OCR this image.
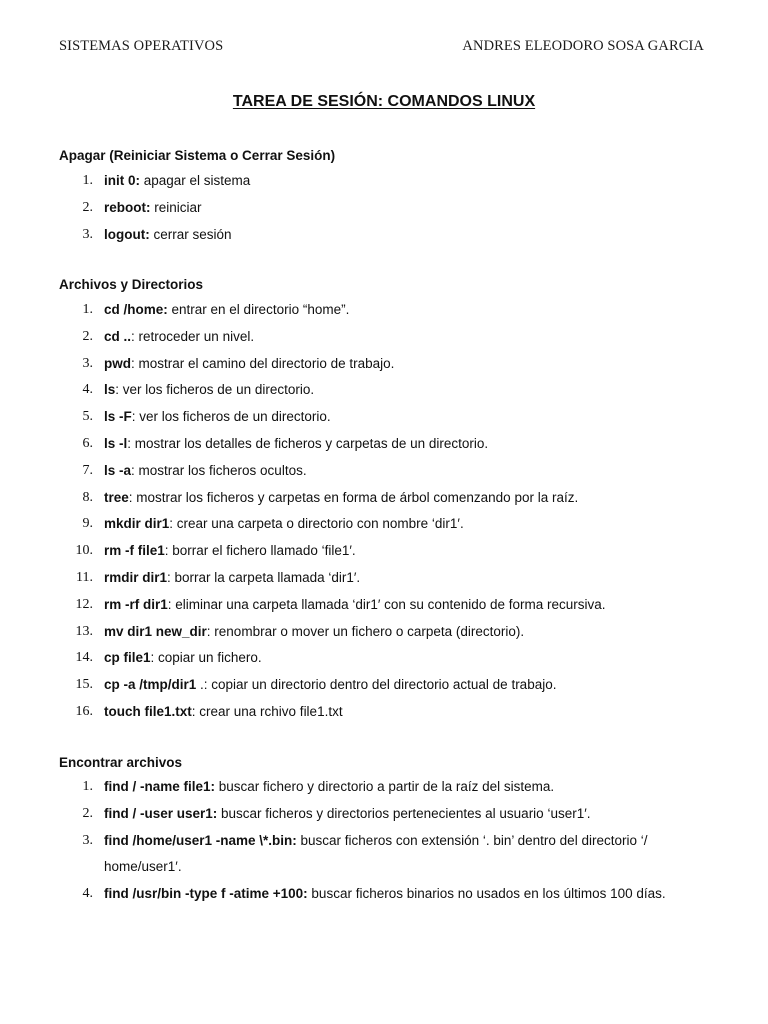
SISTEMAS OPERATIVOS	ANDRES ELEODORO SOSA GARCIA
TAREA DE SESIÓN: COMANDOS LINUX
Apagar (Reiniciar Sistema o Cerrar Sesión)
1. init 0: apagar el sistema
2. reboot: reiniciar
3. logout: cerrar sesión
Archivos y Directorios
1. cd /home: entrar en el directorio “home”.
2. cd ..: retroceder un nivel.
3. pwd: mostrar el camino del directorio de trabajo.
4. ls: ver los ficheros de un directorio.
5. ls -F: ver los ficheros de un directorio.
6. ls -l: mostrar los detalles de ficheros y carpetas de un directorio.
7. ls -a: mostrar los ficheros ocultos.
8. tree: mostrar los ficheros y carpetas en forma de árbol comenzando por la raíz.
9. mkdir dir1: crear una carpeta o directorio con nombre ‘dir1′.
10. rm -f file1: borrar el fichero llamado ‘file1′.
11. rmdir dir1: borrar la carpeta llamada ‘dir1′.
12. rm -rf dir1: eliminar una carpeta llamada ‘dir1′ con su contenido de forma recursiva.
13. mv dir1 new_dir: renombrar o mover un fichero o carpeta (directorio).
14. cp file1: copiar un fichero.
15. cp -a /tmp/dir1 .: copiar un directorio dentro del directorio actual de trabajo.
16. touch file1.txt: crear una rchivo file1.txt
Encontrar archivos
1. find / -name file1: buscar fichero y directorio a partir de la raíz del sistema.
2. find / -user user1: buscar ficheros y directorios pertenecientes al usuario ‘user1′.
3. find /home/user1 -name \*.bin: buscar ficheros con extensión ‘. bin’ dentro del directorio ‘/ home/user1′.
4. find /usr/bin -type f -atime +100: buscar ficheros binarios no usados en los últimos 100 días.
